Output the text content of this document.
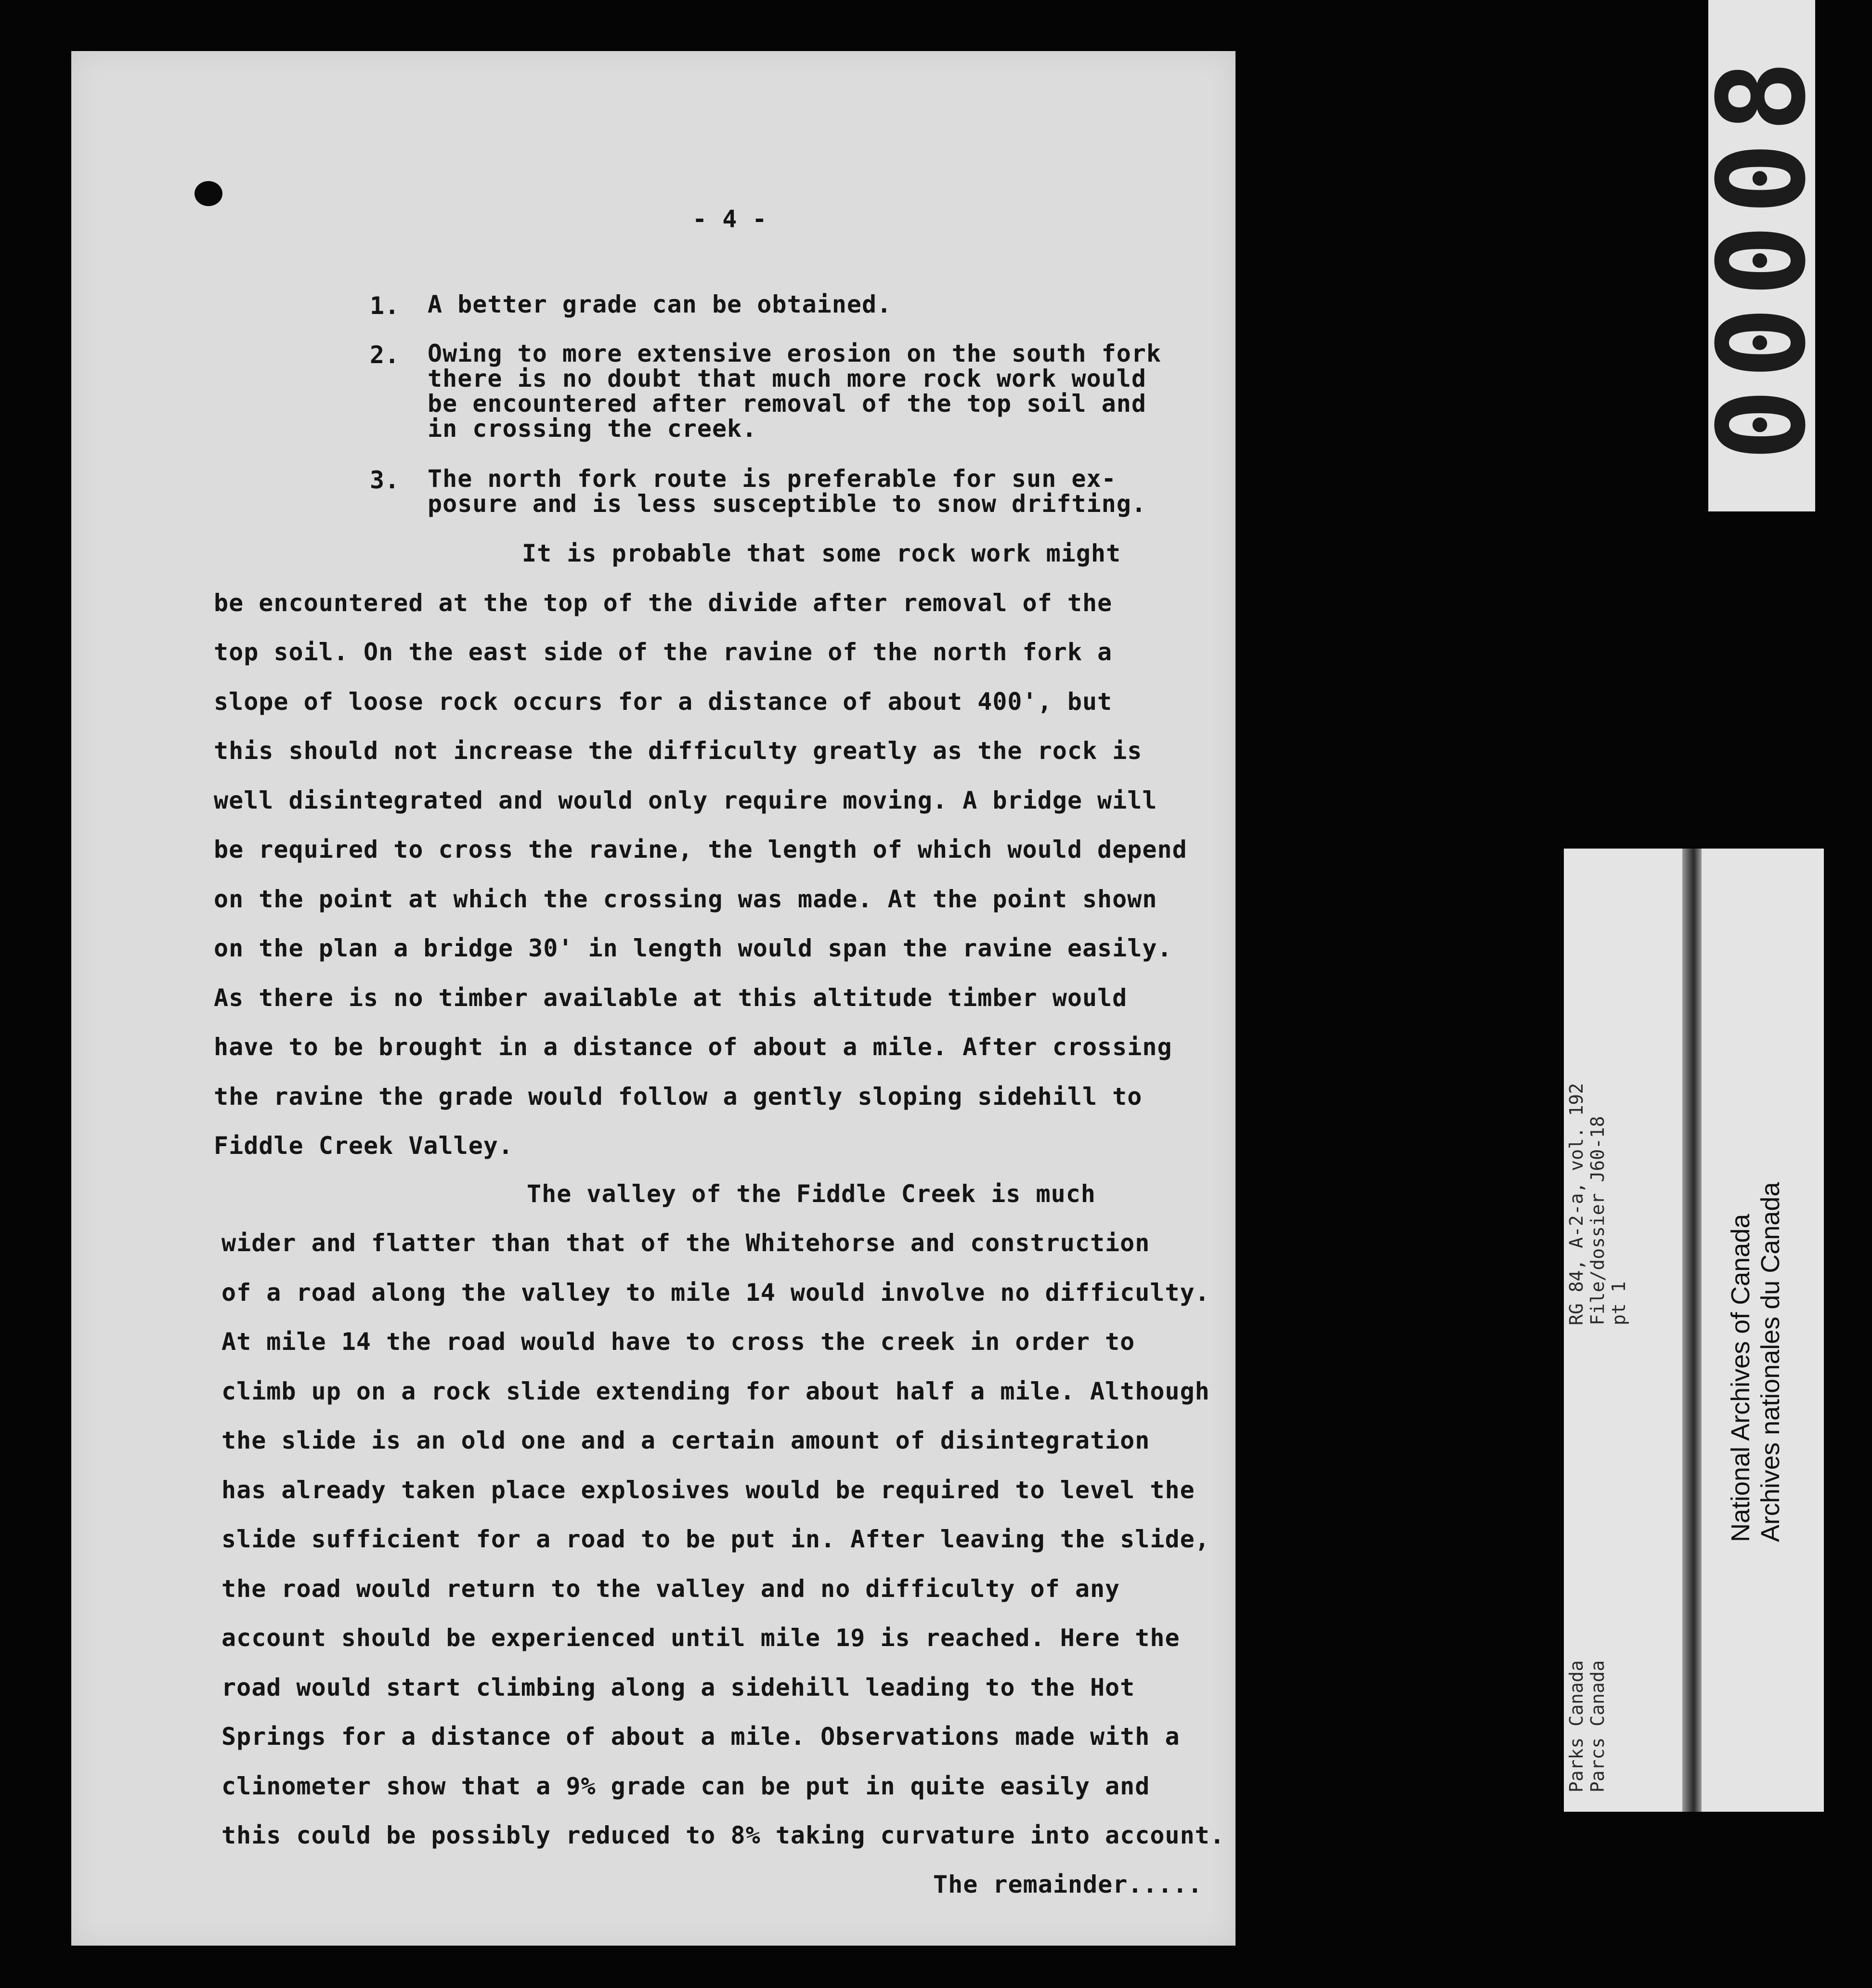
- 4 -
1. A better grade can be obtained.
2. Owing to more extensive erosion on the south fork
there is no doubt that much more rock work would
be encountered after removal of the top soil and
in crossing the creek.
3. The north fork route is preferable for sun ex-
posure and is less susceptible to snow drifting.
It is probable that some rock work might
be encountered at the top of the divide after removal of the
top soil. On the east side of the ravine of the north fork a
slope of loose rock occurs for a distance of about 400', but
this should not increase the difficulty greatly as the rock is
well disintegrated and would only require moving. A bridge will
be required to cross the ravine, the length of which would depend
on the point at which the crossing was made. At the point shown
on the plan a bridge 30' in length would span the ravine easily.
As there is no timber available at this altitude timber would
have to be brought in a distance of about a mile. After crossing
the ravine the grade would follow a gently sloping sidehill to
Fiddle Creek Valley.
The valley of the Fiddle Creek is much
wider and flatter than that of the Whitehorse and construction
of a road along the valley to mile 14 would involve no difficulty.
At mile 14 the road would have to cross the creek in order to
climb up on a rock slide extending for about half a mile. Although
the slide is an old one and a certain amount of disintegration
has already taken place explosives would be required to level the
slide sufficient for a road to be put in. After leaving the slide,
the road would return to the valley and no difficulty of any
account should be experienced until mile 19 is reached. Here the
road would start climbing along a sidehill leading to the Hot
Springs for a distance of about a mile. Observations made with a
clinometer show that a 9% grade can be put in quite easily and
this could be possibly reduced to 8% taking curvature into account.
The remainder.....
00008
RG 84, A-2-a, vol. 192 File/dossier J60-18 pt 1
Parks Canada Parcs Canada
National Archives of Canada Archives nationales du Canada
